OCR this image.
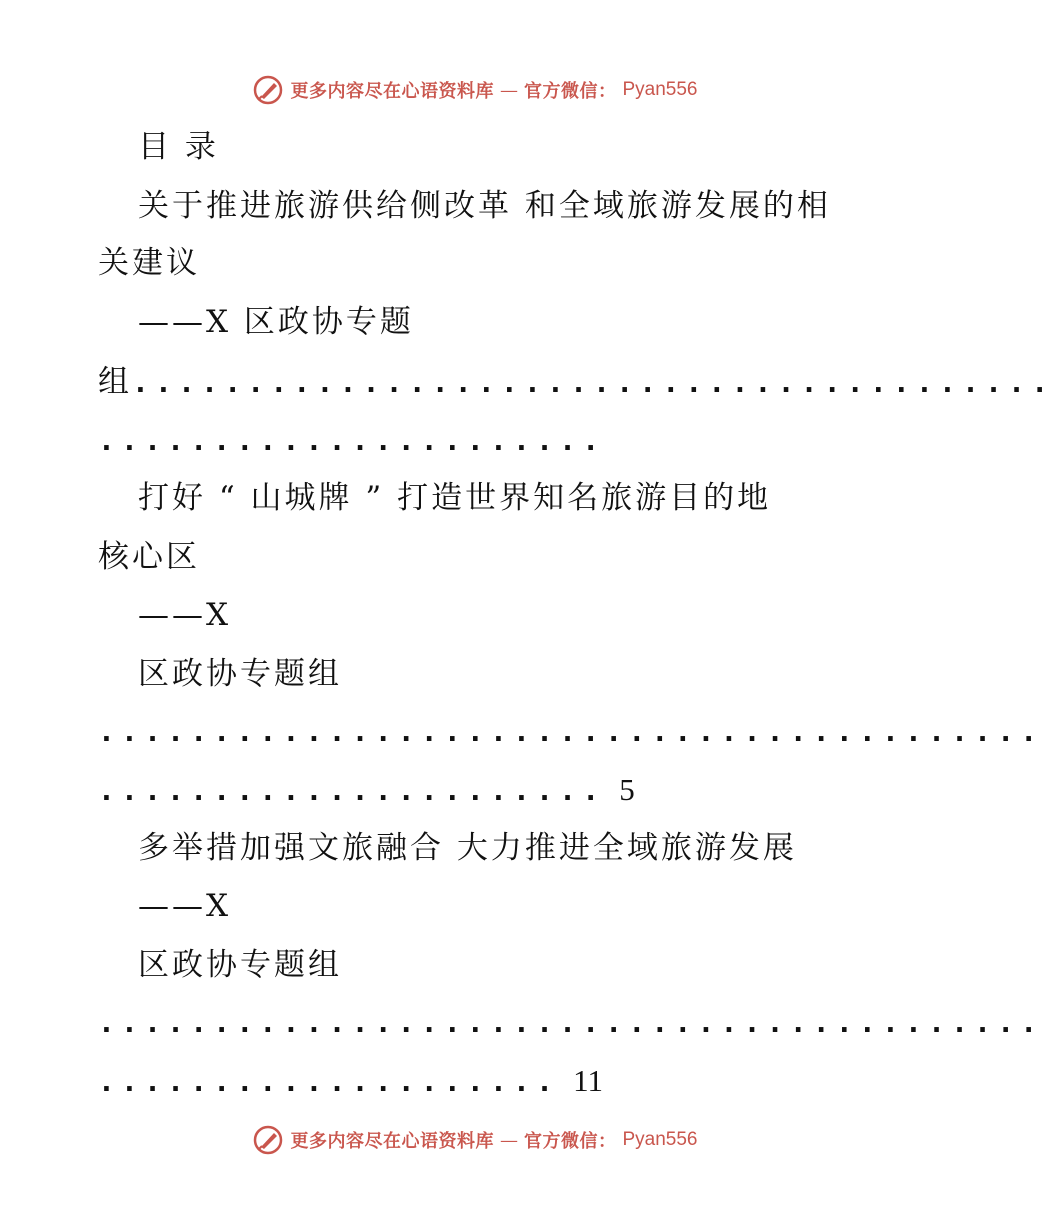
更多内容尽在心语资料库 — 官方微信： Pyan556
目 录
关于推进旅游供给侧改革 和全域旅游发展的相
关建议
——X 区政协专题
组........................................
......................
打好 “ 山城牌 ” 打造世界知名旅游目的地
核心区
——X
区政协专题组
.........................................
...................... 5
多举措加强文旅融合 大力推进全域旅游发展
——X
区政协专题组
.........................................
.................... 11
更多内容尽在心语资料库 — 官方微信： Pyan556
